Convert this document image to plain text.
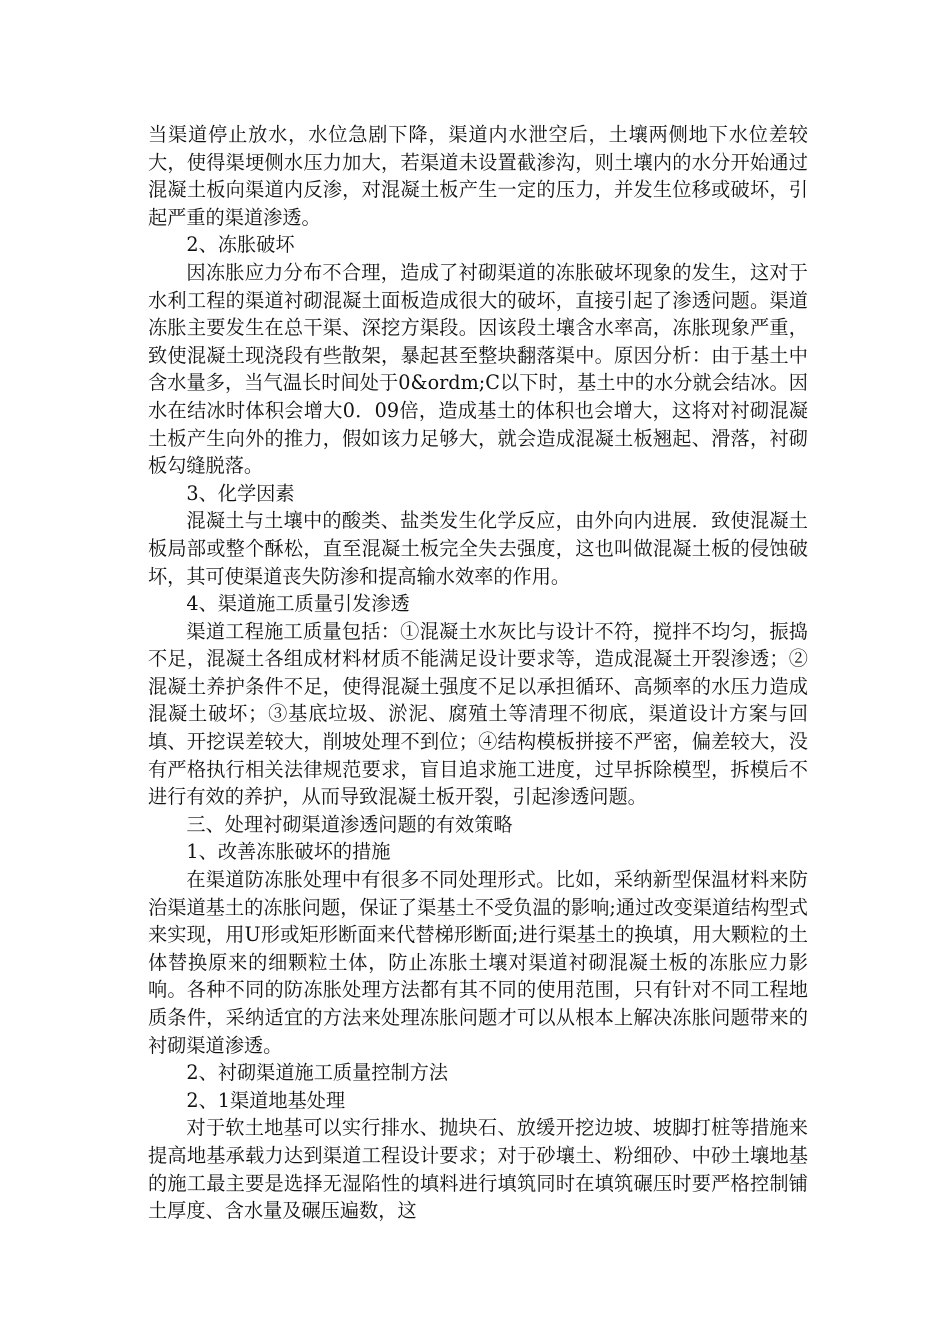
当渠道停止放水，水位急剧下降，渠道内水泄空后，土壤两侧地下水位差较大，使得渠埂侧水压力加大，若渠道未设置截渗沟，则土壤内的水分开始通过混凝土板向渠道内反渗，对混凝土板产生一定的压力，并发生位移或破坏，引起严重的渠道渗透。

2、冻胀破坏

因冻胀应力分布不合理，造成了衬砌渠道的冻胀破坏现象的发生，这对于水利工程的渠道衬砌混凝土面板造成很大的破坏，直接引起了渗透问题。渠道冻胀主要发生在总干渠、深挖方渠段。因该段土壤含水率高，冻胀现象严重，致使混凝土现浇段有些散架，暴起甚至整块翻落渠中。原因分析：由于基土中含水量多，当气温长时间处于0&ordm;C以下时，基土中的水分就会结冰。因水在结冰时体积会增大0．09倍，造成基土的体积也会增大，这将对衬砌混凝土板产生向外的推力，假如该力足够大，就会造成混凝土板翘起、滑落，衬砌板勾缝脱落。

3、化学因素

混凝土与土壤中的酸类、盐类发生化学反应，由外向内进展．致使混凝土板局部或整个酥松，直至混凝土板完全失去强度，这也叫做混凝土板的侵蚀破坏，其可使渠道丧失防渗和提高输水效率的作用。

4、渠道施工质量引发渗透

渠道工程施工质量包括：①混凝土水灰比与设计不符，搅拌不均匀，振捣不足，混凝土各组成材料材质不能满足设计要求等，造成混凝土开裂渗透；②混凝土养护条件不足，使得混凝土强度不足以承担循环、高频率的水压力造成混凝土破坏；③基底垃圾、淤泥、腐殖土等清理不彻底，渠道设计方案与回填、开挖误差较大，削坡处理不到位；④结构模板拼接不严密，偏差较大，没有严格执行相关法律规范要求，盲目追求施工进度，过早拆除模型，拆模后不进行有效的养护，从而导致混凝土板开裂，引起渗透问题。

三、处理衬砌渠道渗透问题的有效策略

1、改善冻胀破坏的措施

在渠道防冻胀处理中有很多不同处理形式。比如，采纳新型保温材料来防治渠道基土的冻胀问题，保证了渠基土不受负温的影响;通过改变渠道结构型式来实现，用U形或矩形断面来代替梯形断面;进行渠基土的换填，用大颗粒的土体替换原来的细颗粒土体，防止冻胀土壤对渠道衬砌混凝土板的冻胀应力影响。各种不同的防冻胀处理方法都有其不同的使用范围，只有针对不同工程地质条件，采纳适宜的方法来处理冻胀问题才可以从根本上解决冻胀问题带来的衬砌渠道渗透。

2、衬砌渠道施工质量控制方法

2、1渠道地基处理

对于软土地基可以实行排水、抛块石、放缓开挖边坡、坡脚打桩等措施来提高地基承载力达到渠道工程设计要求；对于砂壤土、粉细砂、中砂土壤地基的施工最主要是选择无湿陷性的填料进行填筑同时在填筑碾压时要严格控制铺土厚度、含水量及碾压遍数，这
